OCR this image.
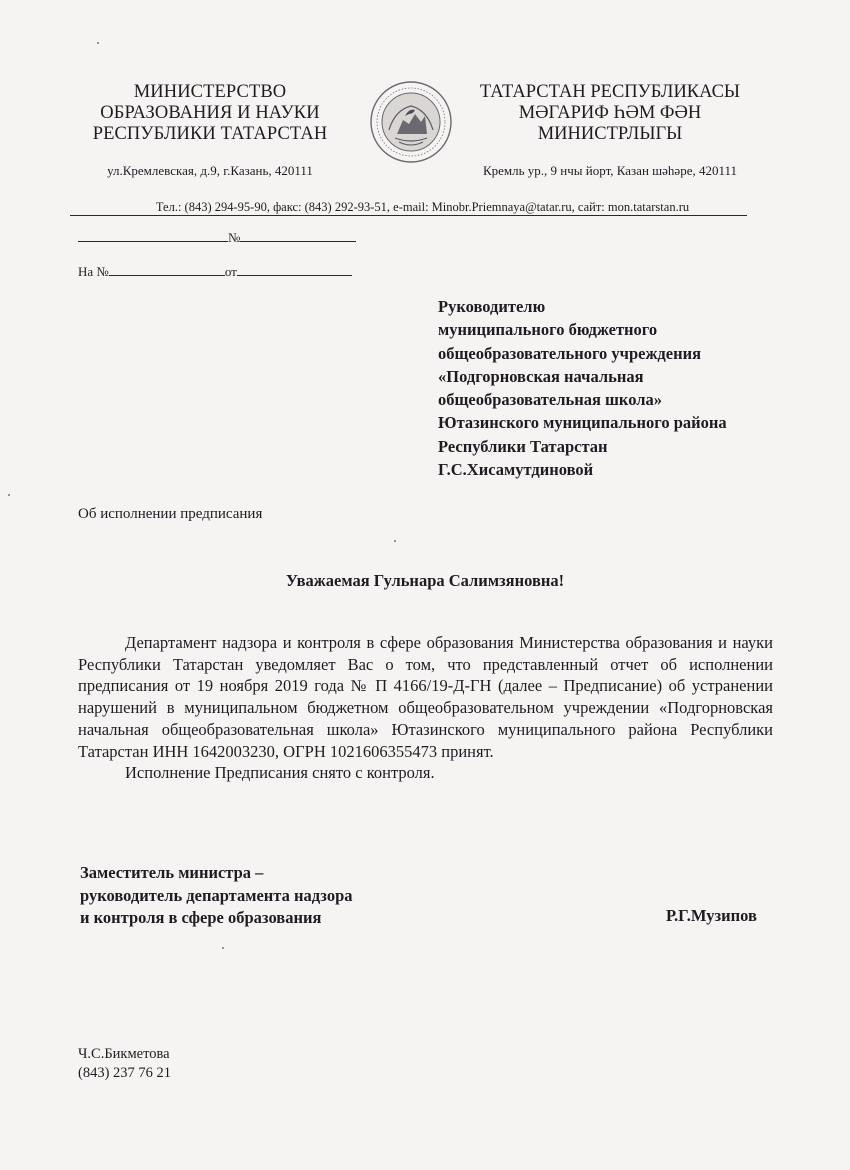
МИНИСТЕРСТВО
ОБРАЗОВАНИЯ И НАУКИ
РЕСПУБЛИКИ ТАТАРСТАН
ТАТАРСТАН РЕСПУБЛИКАСЫ
МӘГАРИФ ҺӘМ ФӘН
МИНИСТРЛЫГЫ
ул.Кремлевская, д.9, г.Казань, 420111	Кремль ур., 9 нчы йорт, Казан шәһәре, 420111
Тел.: (843) 294-95-90, факс: (843) 292-93-51, e-mail: Minobr.Priemnaya@tatar.ru, сайт: mon.tatarstan.ru
№
На №	от
Руководителю
муниципального бюджетного
общеобразовательного учреждения
«Подгорновская начальная
общеобразовательная школа»
Ютазинского муниципального района
Республики Татарстан
Г.С.Хисамутдиновой
Об исполнении предписания
Уважаемая Гульнара Салимзяновна!

Департамент надзора и контроля в сфере образования Министерства образования и науки Республики Татарстан уведомляет Вас о том, что представленный отчет об исполнении предписания от 19 ноября 2019 года № П 4166/19-Д-ГН (далее – Предписание) об устранении нарушений в муниципальном бюджетном общеобразовательном учреждении «Подгорновская начальная общеобразовательная школа» Ютазинского муниципального района Республики Татарстан ИНН 1642003230, ОГРН 1021606355473 принят.

Исполнение Предписания снято с контроля.

Заместитель министра –
руководитель департамента надзора
и контроля в сфере образования	Р.Г.Музипов
Ч.С.Бикметова
(843) 237 76 21
